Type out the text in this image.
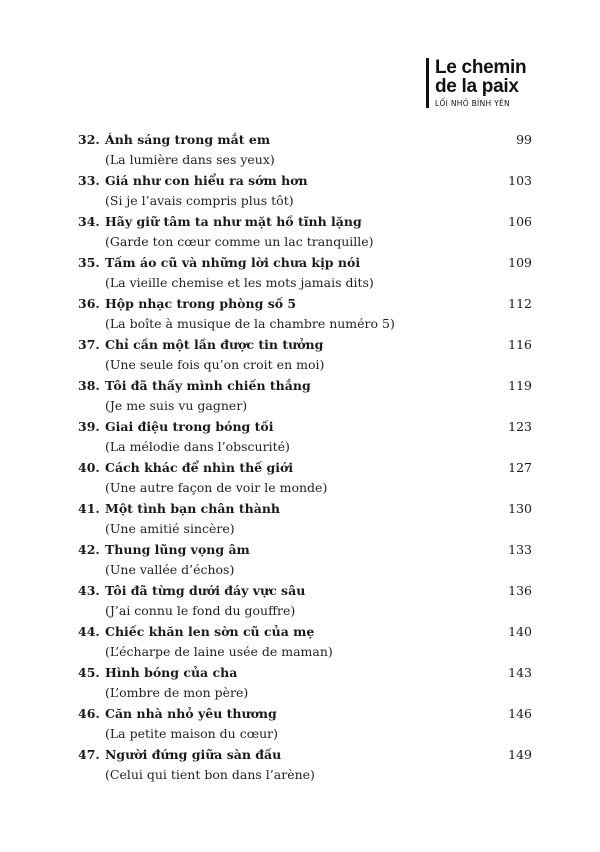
Le chemin
de la paix
LỐI NHỎ BÌNH YÊN
32. Ánh sáng trong mắt em	99
(La lumière dans ses yeux)
33. Giá như con hiểu ra sớm hơn	103
(Si je l’avais compris plus tôt)
34. Hãy giữ tâm ta như mặt hồ tĩnh lặng	106
(Garde ton cœur comme un lac tranquille)
35. Tấm áo cũ và những lời chưa kịp nói	109
(La vieille chemise et les mots jamais dits)
36. Hộp nhạc trong phòng số 5	112
(La boîte à musique de la chambre numéro 5)
37. Chỉ cần một lần được tin tưởng	116
(Une seule fois qu’on croit en moi)
38. Tôi đã thấy mình chiến thắng	119
(Je me suis vu gagner)
39. Giai điệu trong bóng tối	123
(La mélodie dans l’obscurité)
40. Cách khác để nhìn thế giới	127
(Une autre façon de voir le monde)
41. Một tình bạn chân thành	130
(Une amitié sincère)
42. Thung lũng vọng âm	133
(Une vallée d’échos)
43. Tôi đã từng dưới đáy vực sâu	136
(J’ai connu le fond du gouffre)
44. Chiếc khăn len sờn cũ của mẹ	140
(L’écharpe de laine usée de maman)
45. Hình bóng của cha	143
(L’ombre de mon père)
46. Căn nhà nhỏ yêu thương	146
(La petite maison du cœur)
47. Người đứng giữa sàn đấu	149
(Celui qui tient bon dans l’arène)
